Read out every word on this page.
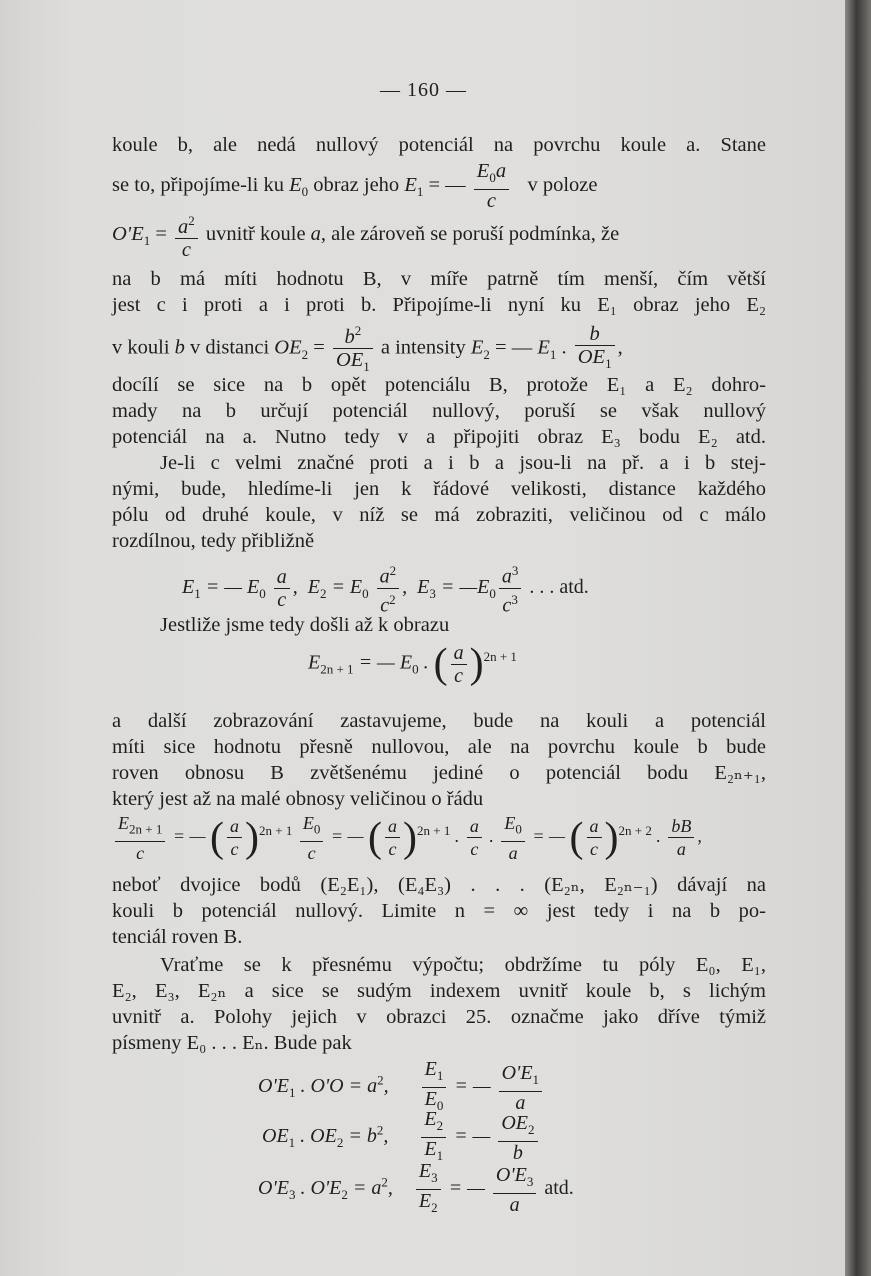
— 160 —
koule b, ale nedá nullový potenciál na povrchu koule a. Stane
se to, připojíme-li ku $E_0$ obraz jeho $E_1$ = — $\frac{E_0a}{c}$ v poloze
$O'E_1 = \frac{a^2}{c}$ uvnitř koule a, ale zároveň se poruší podmínka, že
na b má míti hodnotu B, v míře patrně tím menší, čím větší
jest c i proti a i proti b. Připojíme-li nyní ku E₁ obraz jeho E₂
v kouli b v distanci $OE_2 = \frac{b^2}{OE_1}$ a intensity $E_2$ = — $E_1$ . $\frac{b}{OE_1}$ ,
docílí se sice na b opět potenciálu B, protože E₁ a E₂ dohro-
mady na b určují potenciál nullový, poruší se však nullový
potenciál na a. Nutno tedy v a připojiti obraz E₃ bodu E₂ atd.
Je-li c velmi značné proti a i b a jsou-li na př. a i b stej-
nými, bude, hledíme-li jen k řádové velikosti, distance každého
pólu od druhé koule, v níž se má zobraziti, veličinou od c málo
rozdílnou, tedy přibližně
$E_1$ = — $E_0 \frac{a}{c}$ ,  $E_2 = E_0 \frac{a^2}{c^2}$ ,  $E_3$ = $—E_0 \frac{a^3}{c^3}$ . . . atd.
Jestliže jsme tedy došli až k obrazu
$E_{2n + 1}$ = — $E_0$ . ( $\frac{a}{c} )^{2n + 1}$
a další zobrazování zastavujeme, bude na kouli a potenciál
míti sice hodnotu přesně nullovou, ale na povrchu koule b bude
roven obnosu B zvětšenému jediné o potenciál bodu E₂ₙ₊₁,
který jest až na malé obnosy veličinou o řádu
$\frac{E_{2n + 1}}{c}$ = — ( $\frac{a}{c} )^{2n + 1} \frac{E_0}{c}$ = — ( $\frac{a}{c} )^{2n + 1}$ . $\frac{a}{c}$ . $\frac{E_0}{a}$ = — ( $\frac{a}{c} )^{2n + 2}$ . $\frac{bB}{a}$ ,
neboť dvojice bodů (E₂E₁), (E₄E₃) . . . (E₂ₙ, E₂ₙ₋₁) dávají na
kouli b potenciál nullový. Limite n = ∞ jest tedy i na b po-
tenciál roven B.
Vraťme se k přesnému výpočtu; obdržíme tu póly E₀, E₁,
E₂, E₃, E₂ₙ a sice se sudým indexem uvnitř koule b, s lichým
uvnitř a. Polohy jejich v obrazci 25. označme jako dříve týmiž
písmeny E₀ . . . Eₙ. Bude pak
$O'E_1$ . $O'O = a^2$, $\frac{E_1}{E_0}$ = — $\frac{O'E_1}{a}$
$OE_1$ . $OE_2 = b^2$, $\frac{E_2}{E_1}$ = — $\frac{OE_2}{b}$
$O'E_3$ . $O'E_2 = a^2$, $\frac{E_3}{E_2}$ = — $\frac{O'E_3}{a}$ atd.
